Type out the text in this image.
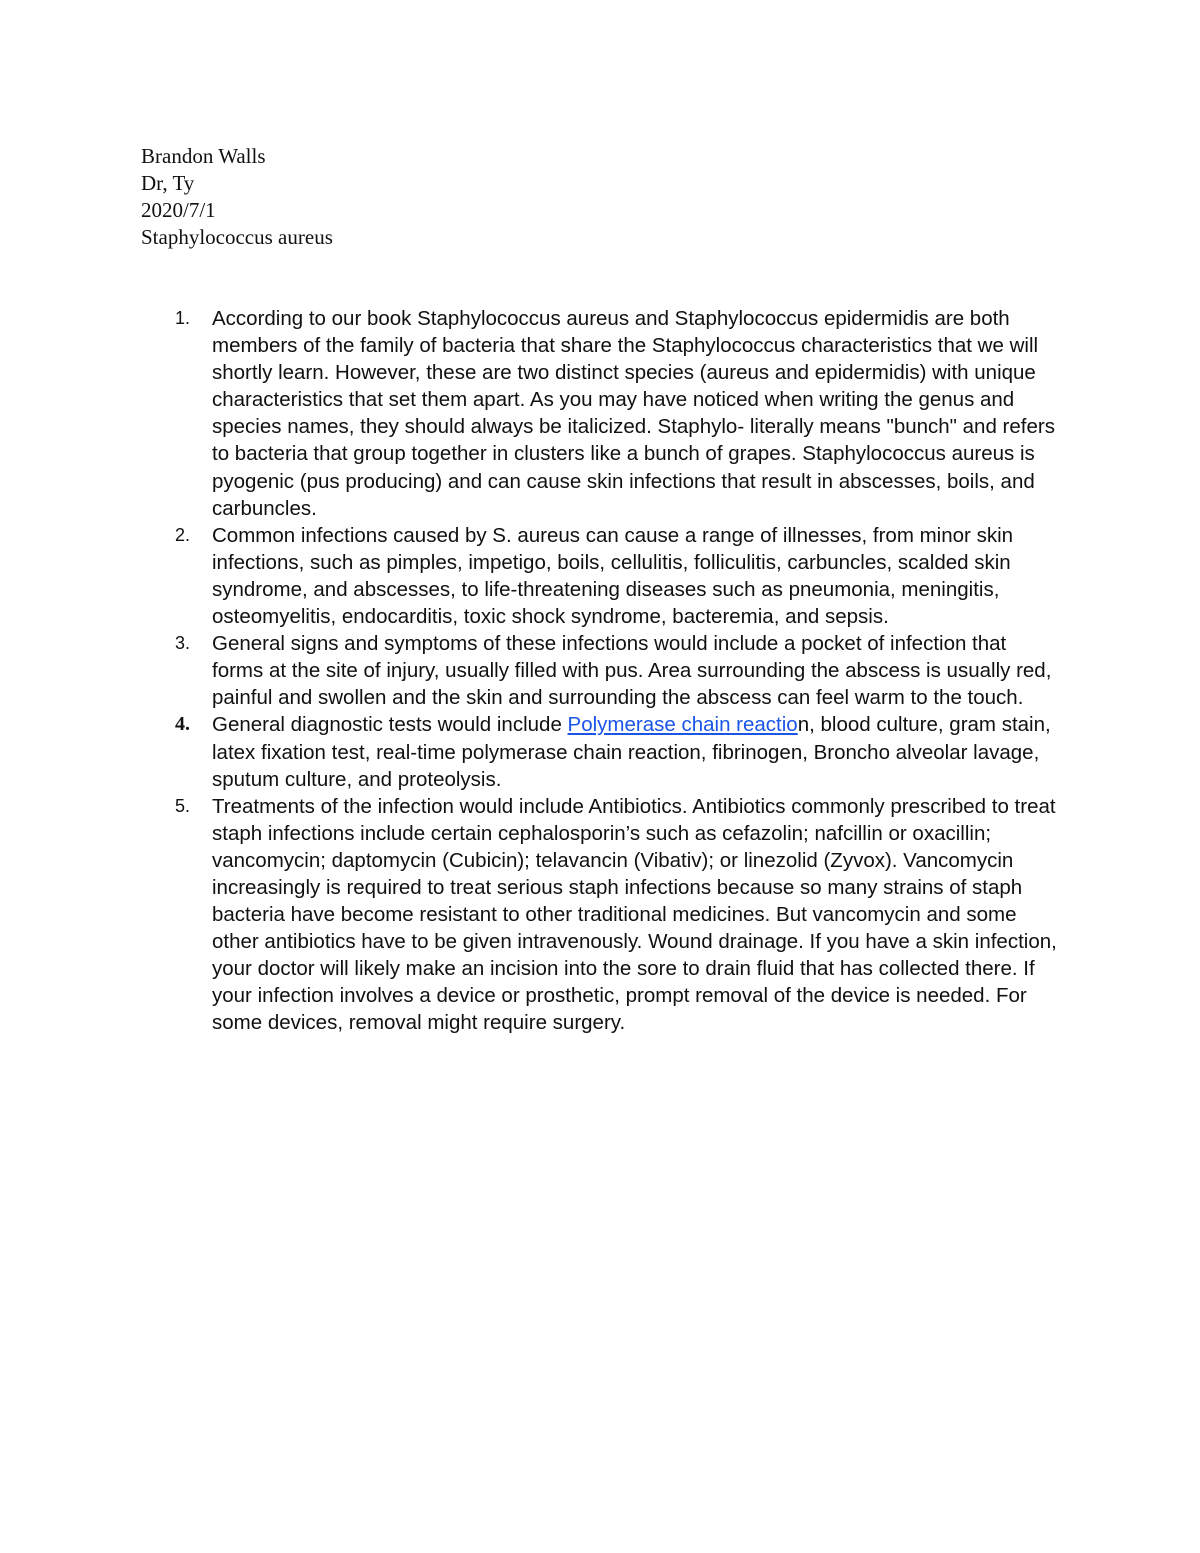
Brandon Walls
Dr, Ty
2020/7/1
Staphylococcus aureus
1.	According to our book Staphylococcus aureus and Staphylococcus epidermidis are both members of the family of bacteria that share the Staphylococcus characteristics that we will shortly learn. However, these are two distinct species (aureus and epidermidis) with unique characteristics that set them apart. As you may have noticed when writing the genus and species names, they should always be italicized. Staphylo- literally means "bunch" and refers to bacteria that group together in clusters like a bunch of grapes. Staphylococcus aureus is pyogenic (pus producing) and can cause skin infections that result in abscesses, boils, and carbuncles.
2.	Common infections caused by S. aureus can cause a range of illnesses, from minor skin infections, such as pimples, impetigo, boils, cellulitis, folliculitis, carbuncles, scalded skin syndrome, and abscesses, to life-threatening diseases such as pneumonia, meningitis, osteomyelitis, endocarditis, toxic shock syndrome, bacteremia, and sepsis.
3.	General signs and symptoms of these infections would include a pocket of infection that forms at the site of injury, usually filled with pus. Area surrounding the abscess is usually red, painful and swollen and the skin and surrounding the abscess can feel warm to the touch.
4.	General diagnostic tests would include Polymerase chain reaction, blood culture, gram stain, latex fixation test, real-time polymerase chain reaction, fibrinogen, Broncho alveolar lavage, sputum culture, and proteolysis.
5.	Treatments of the infection would include Antibiotics. Antibiotics commonly prescribed to treat staph infections include certain cephalosporin’s such as cefazolin; nafcillin or oxacillin; vancomycin; daptomycin (Cubicin); telavancin (Vibativ); or linezolid (Zyvox). Vancomycin increasingly is required to treat serious staph infections because so many strains of staph bacteria have become resistant to other traditional medicines. But vancomycin and some other antibiotics have to be given intravenously. Wound drainage. If you have a skin infection, your doctor will likely make an incision into the sore to drain fluid that has collected there. If your infection involves a device or prosthetic, prompt removal of the device is needed. For some devices, removal might require surgery.
